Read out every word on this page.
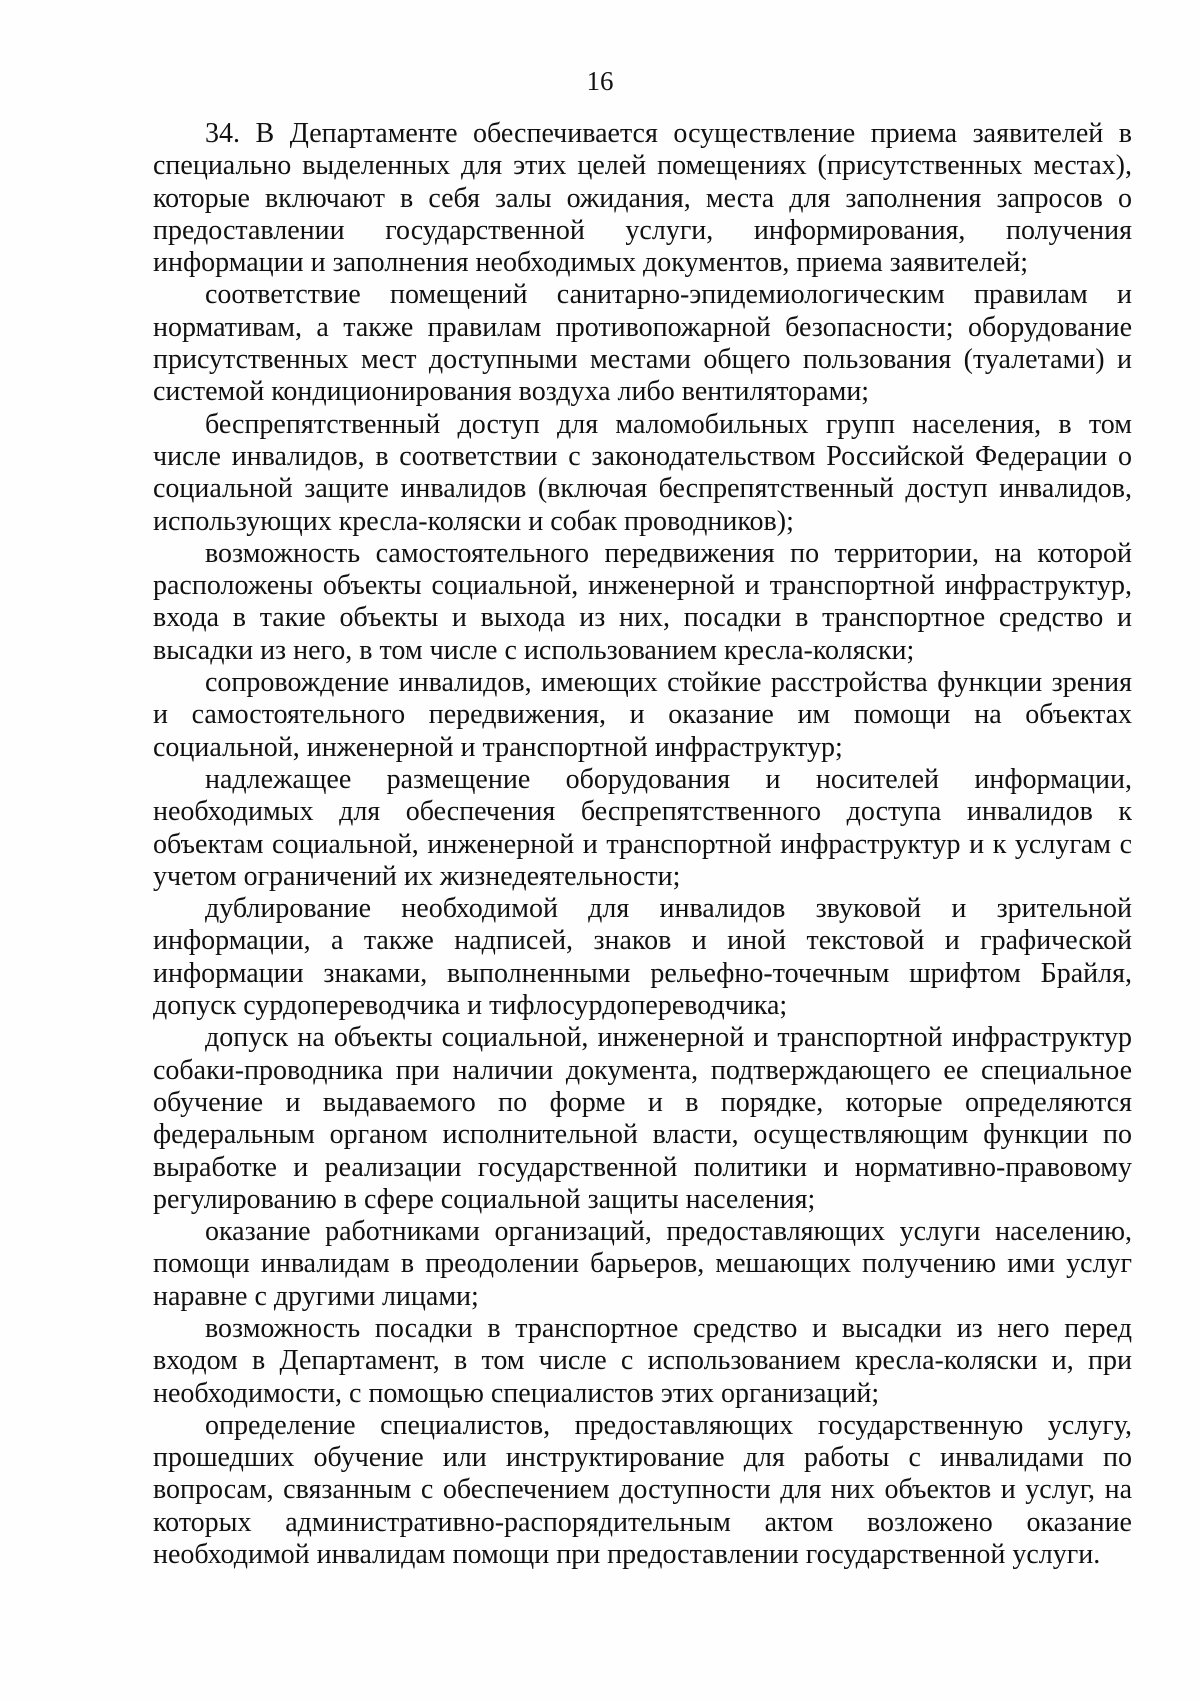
16

34. В Департаменте обеспечивается осуществление приема заявителей в специально выделенных для этих целей помещениях (присутственных местах), которые включают в себя залы ожидания, места для заполнения запросов о предоставлении государственной услуги, информирования, получения информации и заполнения необходимых документов, приема заявителей;

соответствие помещений санитарно-эпидемиологическим правилам и нормативам, а также правилам противопожарной безопасности; оборудование присутственных мест доступными местами общего пользования (туалетами) и системой кондиционирования воздуха либо вентиляторами;

беспрепятственный доступ для маломобильных групп населения, в том числе инвалидов, в соответствии с законодательством Российской Федерации о социальной защите инвалидов (включая беспрепятственный доступ инвалидов, использующих кресла-коляски и собак проводников);

возможность самостоятельного передвижения по территории, на которой расположены объекты социальной, инженерной и транспортной инфраструктур, входа в такие объекты и выхода из них, посадки в транспортное средство и высадки из него, в том числе с использованием кресла-коляски;

сопровождение инвалидов, имеющих стойкие расстройства функции зрения и самостоятельного передвижения, и оказание им помощи на объектах социальной, инженерной и транспортной инфраструктур;

надлежащее размещение оборудования и носителей информации, необходимых для обеспечения беспрепятственного доступа инвалидов к объектам социальной, инженерной и транспортной инфраструктур и к услугам с учетом ограничений их жизнедеятельности;

дублирование необходимой для инвалидов звуковой и зрительной информации, а также надписей, знаков и иной текстовой и графической информации знаками, выполненными рельефно-точечным шрифтом Брайля, допуск сурдопереводчика и тифлосурдопереводчика;

допуск на объекты социальной, инженерной и транспортной инфраструктур собаки-проводника при наличии документа, подтверждающего ее специальное обучение и выдаваемого по форме и в порядке, которые определяются федеральным органом исполнительной власти, осуществляющим функции по выработке и реализации государственной политики и нормативно-правовому регулированию в сфере социальной защиты населения;

оказание работниками организаций, предоставляющих услуги населению, помощи инвалидам в преодолении барьеров, мешающих получению ими услуг наравне с другими лицами;

возможность посадки в транспортное средство и высадки из него перед входом в Департамент, в том числе с использованием кресла-коляски и, при необходимости, с помощью специалистов этих организаций;

определение специалистов, предоставляющих государственную услугу, прошедших обучение или инструктирование для работы с инвалидами по вопросам, связанным с обеспечением доступности для них объектов и услуг, на которых административно-распорядительным актом возложено оказание необходимой инвалидам помощи при предоставлении государственной услуги.
